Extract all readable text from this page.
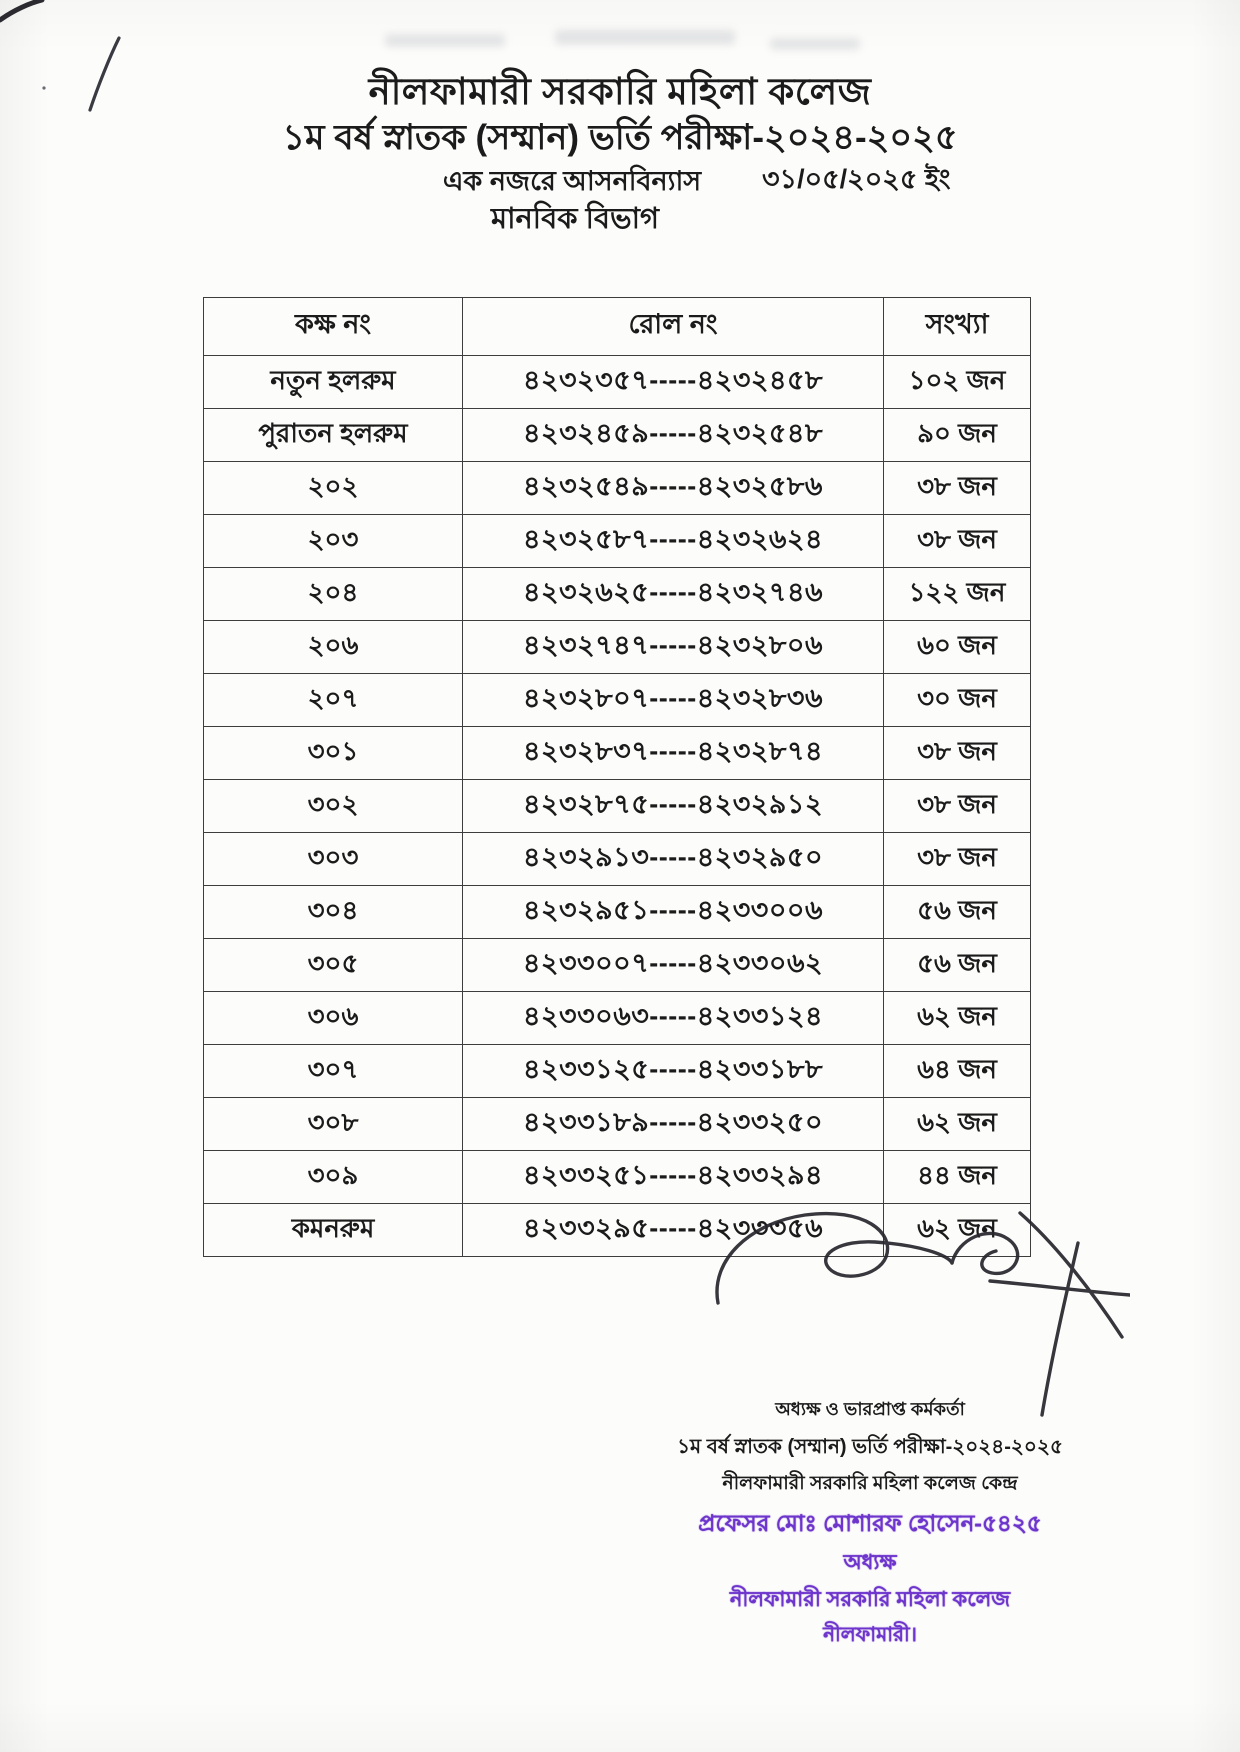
নীলফামারী সরকারি মহিলা কলেজ
১ম বর্ষ স্নাতক (সম্মান) ভর্তি পরীক্ষা-২০২৪-২০২৫
এক নজরে আসনবিন্যাস ৩১/০৫/২০২৫ ইং
মানবিক বিভাগ
কক্ষ নং	রোল নং	সংখ্যা
নতুন হলরুম	৪২৩২৩৫৭-----৪২৩২৪৫৮	১০২ জন
পুরাতন হলরুম	৪২৩২৪৫৯-----৪২৩২৫৪৮	৯০ জন
২০২	৪২৩২৫৪৯-----৪২৩২৫৮৬	৩৮ জন
২০৩	৪২৩২৫৮৭-----৪২৩২৬২৪	৩৮ জন
২০৪	৪২৩২৬২৫-----৪২৩২৭৪৬	১২২ জন
২০৬	৪২৩২৭৪৭-----৪২৩২৮০৬	৬০ জন
২০৭	৪২৩২৮০৭-----৪২৩২৮৩৬	৩০ জন
৩০১	৪২৩২৮৩৭-----৪২৩২৮৭৪	৩৮ জন
৩০২	৪২৩২৮৭৫-----৪২৩২৯১২	৩৮ জন
৩০৩	৪২৩২৯১৩-----৪২৩২৯৫০	৩৮ জন
৩০৪	৪২৩২৯৫১-----৪২৩৩০০৬	৫৬ জন
৩০৫	৪২৩৩০০৭-----৪২৩৩০৬২	৫৬ জন
৩০৬	৪২৩৩০৬৩-----৪২৩৩১২৪	৬২ জন
৩০৭	৪২৩৩১২৫-----৪২৩৩১৮৮	৬৪ জন
৩০৮	৪২৩৩১৮৯-----৪২৩৩২৫০	৬২ জন
৩০৯	৪২৩৩২৫১-----৪২৩৩২৯৪	৪৪ জন
কমনরুম	৪২৩৩২৯৫-----৪২৩৩৩৫৬	৬২ জন
অধ্যক্ষ ও ভারপ্রাপ্ত কর্মকর্তা
১ম বর্ষ স্নাতক (সম্মান) ভর্তি পরীক্ষা-২০২৪-২০২৫
নীলফামারী সরকারি মহিলা কলেজ কেন্দ্র
প্রফেসর মোঃ মোশারফ হোসেন-৫৪২৫
অধ্যক্ষ
নীলফামারী সরকারি মহিলা কলেজ
নীলফামারী।
